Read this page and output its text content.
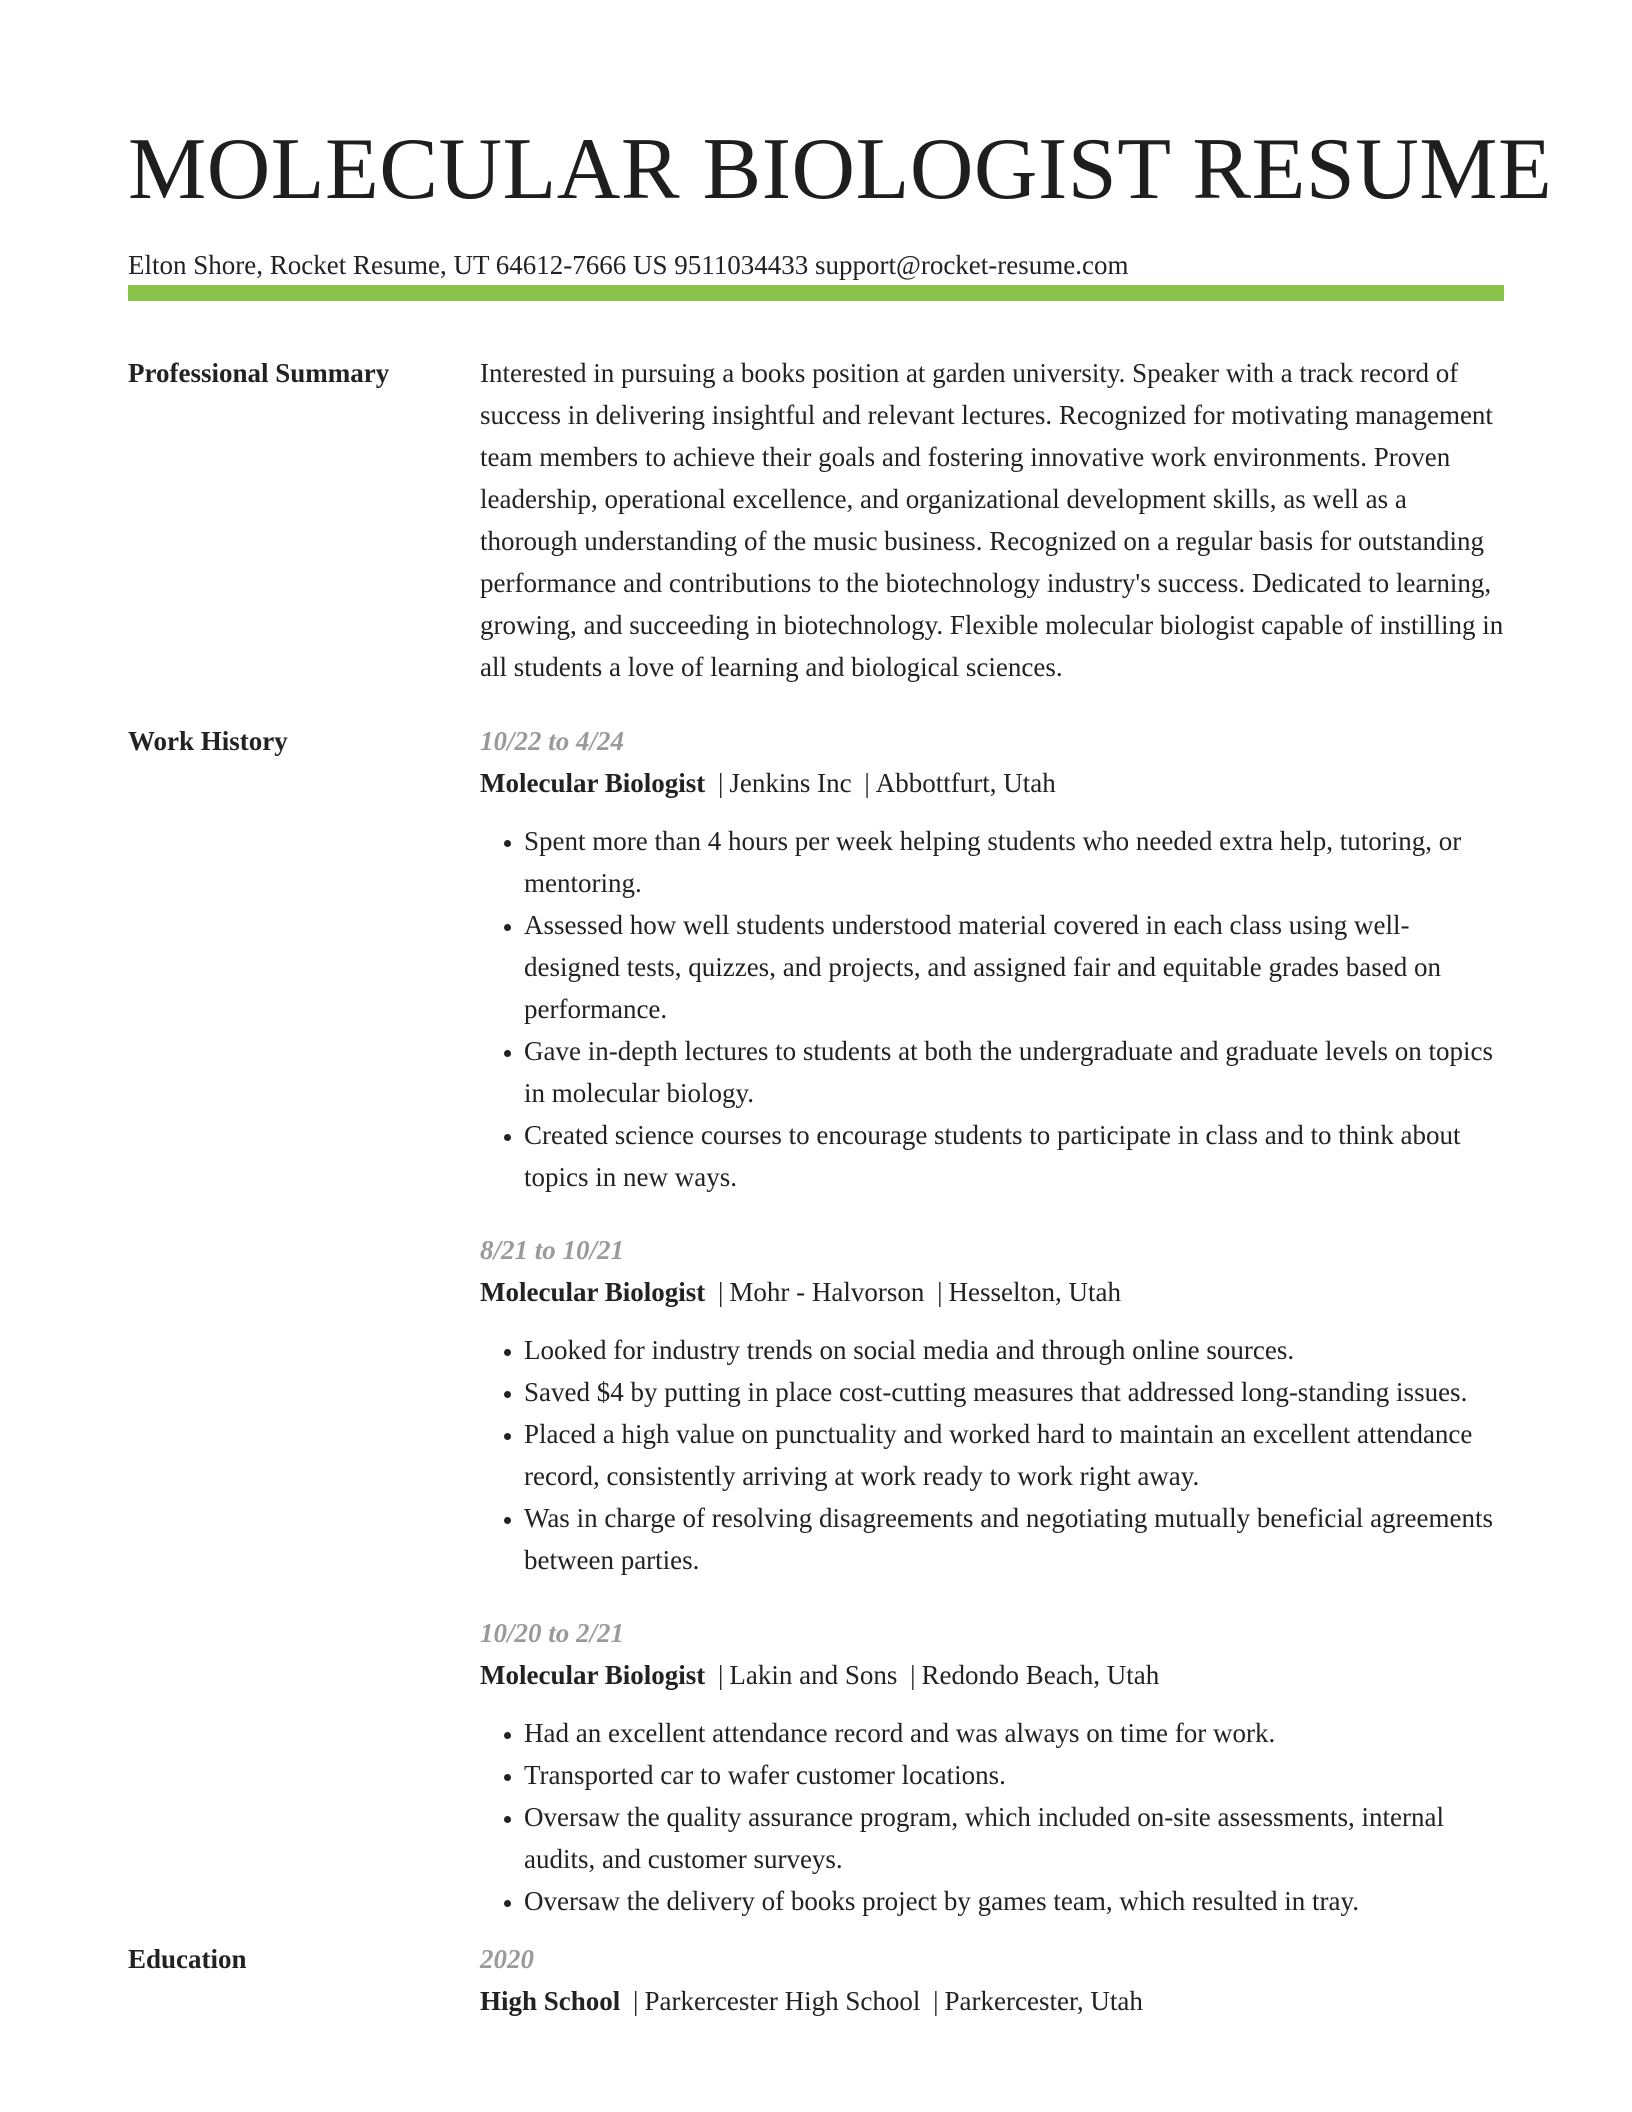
MOLECULAR BIOLOGIST RESUME
Elton Shore, Rocket Resume, UT 64612-7666 US 9511034433 support@rocket-resume.com
Professional Summary	Interested in pursuing a books position at garden university. Speaker with a track record of success in delivering insightful and relevant lectures. Recognized for motivating management team members to achieve their goals and fostering innovative work environments. Proven leadership, operational excellence, and organizational development skills, as well as a thorough understanding of the music business. Recognized on a regular basis for outstanding performance and contributions to the biotechnology industry's success. Dedicated to learning, growing, and succeeding in biotechnology. Flexible molecular biologist capable of instilling in all students a love of learning and biological sciences.

Work History	10/22 to 4/24
Molecular Biologist | Jenkins Inc | Abbottfurt, Utah
• Spent more than 4 hours per week helping students who needed extra help, tutoring, or mentoring.
• Assessed how well students understood material covered in each class using well-designed tests, quizzes, and projects, and assigned fair and equitable grades based on performance.
• Gave in-depth lectures to students at both the undergraduate and graduate levels on topics in molecular biology.
• Created science courses to encourage students to participate in class and to think about topics in new ways.
8/21 to 10/21
Molecular Biologist | Mohr - Halvorson | Hesselton, Utah
• Looked for industry trends on social media and through online sources.
• Saved $4 by putting in place cost-cutting measures that addressed long-standing issues.
• Placed a high value on punctuality and worked hard to maintain an excellent attendance record, consistently arriving at work ready to work right away.
• Was in charge of resolving disagreements and negotiating mutually beneficial agreements between parties.
10/20 to 2/21
Molecular Biologist | Lakin and Sons | Redondo Beach, Utah
• Had an excellent attendance record and was always on time for work.
• Transported car to wafer customer locations.
• Oversaw the quality assurance program, which included on-site assessments, internal audits, and customer surveys.
• Oversaw the delivery of books project by games team, which resulted in tray.
Education	2020
High School | Parkercester High School | Parkercester, Utah
